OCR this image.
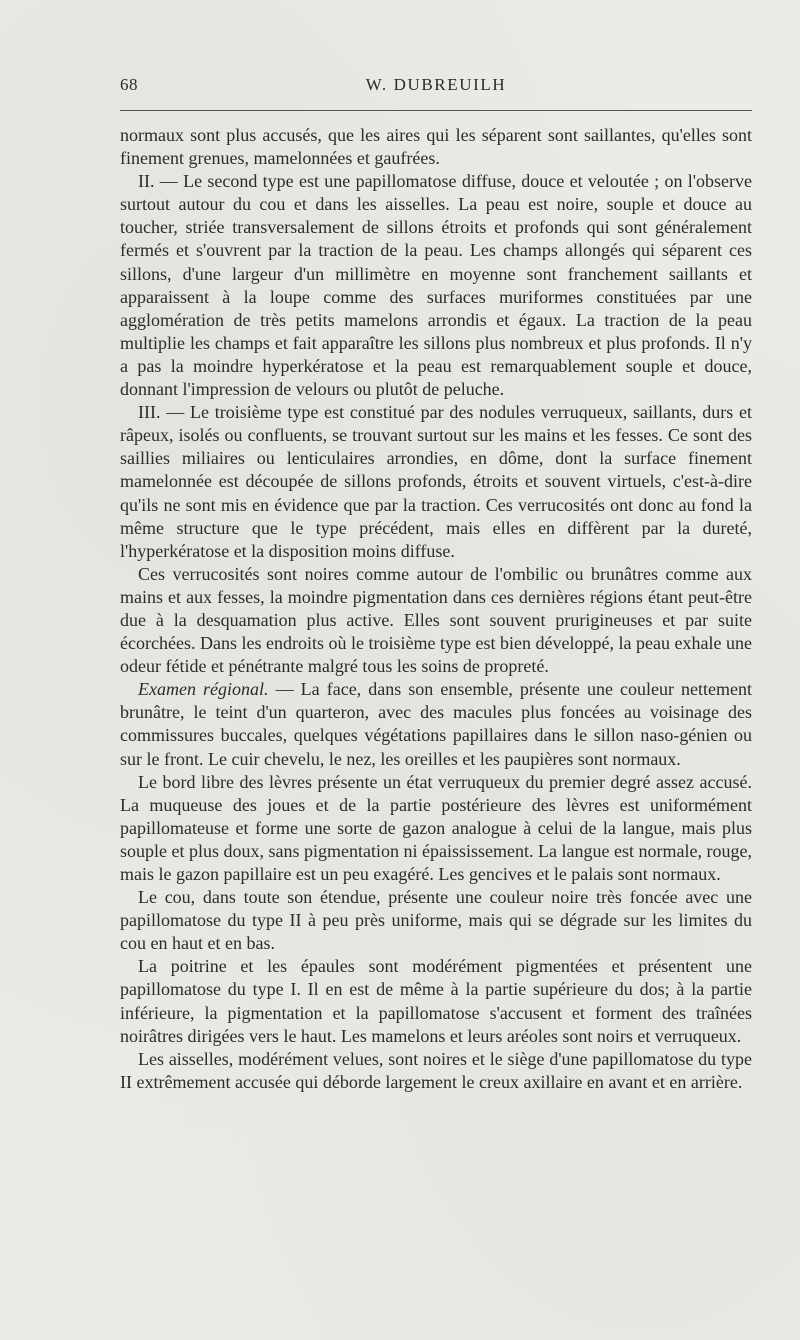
68	W. DUBREUILH

normaux sont plus accusés, que les aires qui les séparent sont saillantes, qu'elles sont finement grenues, mamelonnées et gaufrées.

II. — Le second type est une papillomatose diffuse, douce et veloutée ; on l'observe surtout autour du cou et dans les aisselles. La peau est noire, souple et douce au toucher, striée transversalement de sillons étroits et profonds qui sont généralement fermés et s'ouvrent par la traction de la peau. Les champs allongés qui séparent ces sillons, d'une largeur d'un millimètre en moyenne sont franchement saillants et apparaissent à la loupe comme des surfaces muriformes constituées par une agglomération de très petits mamelons arrondis et égaux. La traction de la peau multiplie les champs et fait apparaître les sillons plus nombreux et plus profonds. Il n'y a pas la moindre hyperkératose et la peau est remarquablement souple et douce, donnant l'impression de velours ou plutôt de peluche.

III. — Le troisième type est constitué par des nodules verruqueux, saillants, durs et râpeux, isolés ou confluents, se trouvant surtout sur les mains et les fesses. Ce sont des saillies miliaires ou lenticulaires arrondies, en dôme, dont la surface finement mamelonnée est découpée de sillons profonds, étroits et souvent virtuels, c'est-à-dire qu'ils ne sont mis en évidence que par la traction. Ces verrucosités ont donc au fond la même structure que le type précédent, mais elles en diffèrent par la dureté, l'hyperkératose et la disposition moins diffuse.

Ces verrucosités sont noires comme autour de l'ombilic ou brunâtres comme aux mains et aux fesses, la moindre pigmentation dans ces dernières régions étant peut-être due à la desquamation plus active. Elles sont souvent prurigineuses et par suite écorchées. Dans les endroits où le troisième type est bien développé, la peau exhale une odeur fétide et pénétrante malgré tous les soins de propreté.

Examen régional. — La face, dans son ensemble, présente une couleur nettement brunâtre, le teint d'un quarteron, avec des macules plus foncées au voisinage des commissures buccales, quelques végétations papillaires dans le sillon naso-génien ou sur le front. Le cuir chevelu, le nez, les oreilles et les paupières sont normaux.

Le bord libre des lèvres présente un état verruqueux du premier degré assez accusé. La muqueuse des joues et de la partie postérieure des lèvres est uniformément papillomateuse et forme une sorte de gazon analogue à celui de la langue, mais plus souple et plus doux, sans pigmentation ni épaississement. La langue est normale, rouge, mais le gazon papillaire est un peu exagéré. Les gencives et le palais sont normaux.

Le cou, dans toute son étendue, présente une couleur noire très foncée avec une papillomatose du type II à peu près uniforme, mais qui se dégrade sur les limites du cou en haut et en bas.

La poitrine et les épaules sont modérément pigmentées et présentent une papillomatose du type I. Il en est de même à la partie supérieure du dos; à la partie inférieure, la pigmentation et la papillomatose s'accusent et forment des traînées noirâtres dirigées vers le haut. Les mamelons et leurs aréoles sont noirs et verruqueux.

Les aisselles, modérément velues, sont noires et le siège d'une papillomatose du type II extrêmement accusée qui déborde largement le creux axillaire en avant et en arrière.
